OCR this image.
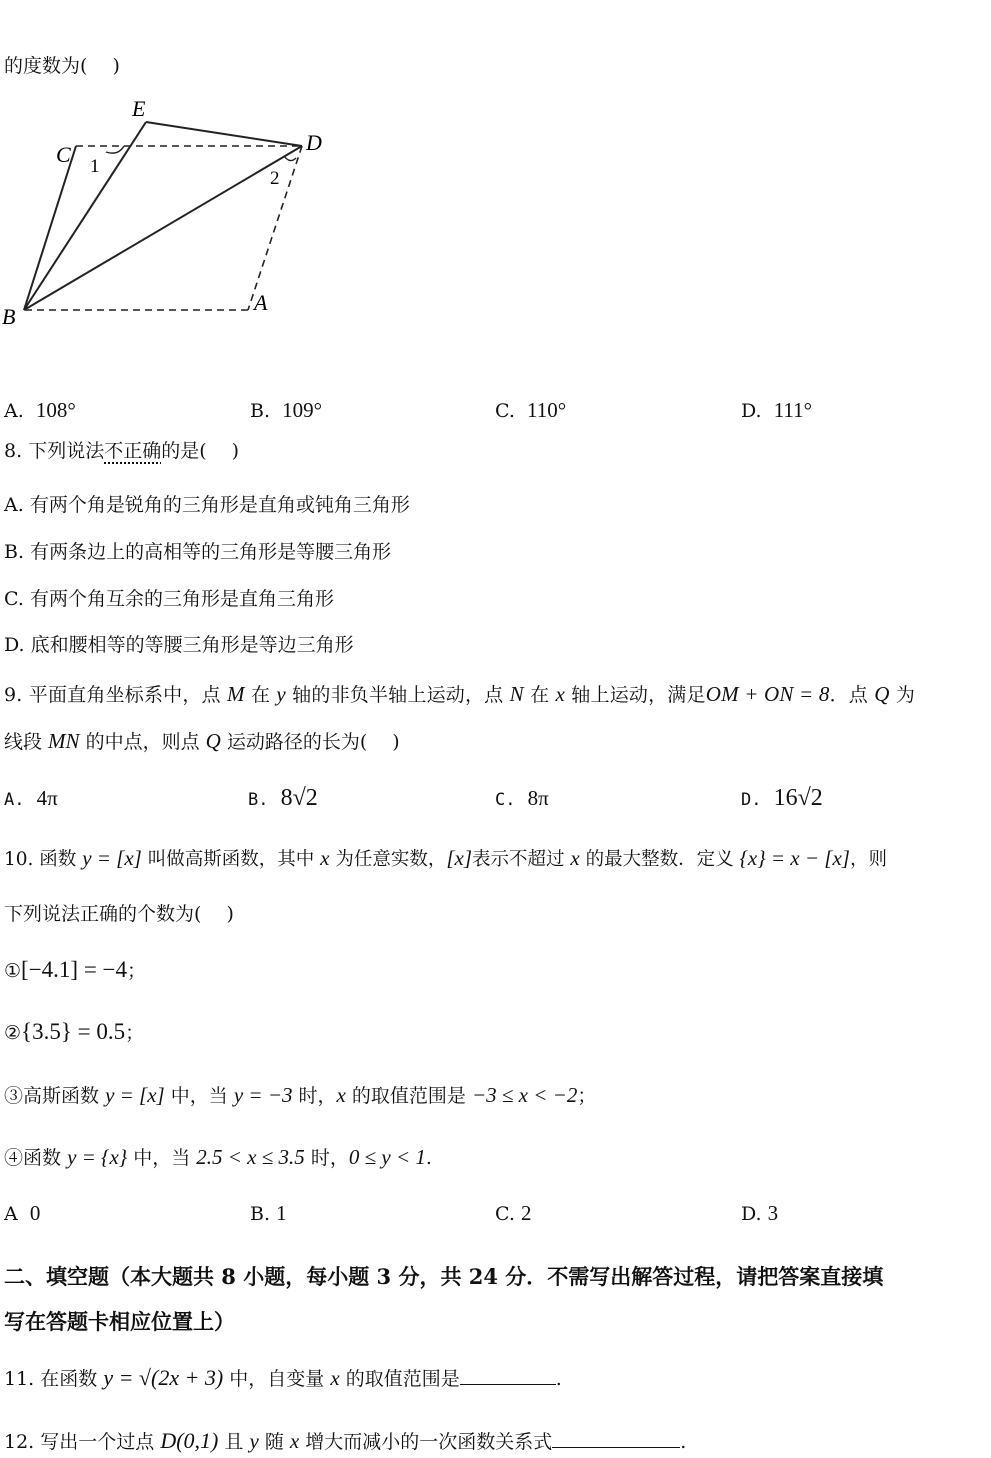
的度数为(　 )
E
C 1
D
2
B
A
A. 108°	B. 109°	C. 110°	D. 111°
8. 下列说法不正确的是(　 )
A. 有两个角是锐角的三角形是直角或钝角三角形
B. 有两条边上的高相等的三角形是等腰三角形
C. 有两个角互余的三角形是直角三角形
D. 底和腰相等的等腰三角形是等边三角形
9. 平面直角坐标系中，点 M 在 y 轴的非负半轴上运动，点 N 在 x 轴上运动，满足OM + ON = 8．点 Q 为
线段 MN 的中点，则点 Q 运动路径的长为(　 )
A. 4π	B. 8√2	C. 8π	D. 16√2
10. 函数 y = [x] 叫做高斯函数，其中 x 为任意实数，[x]表示不超过 x 的最大整数．定义 {x} = x − [x]，则
下列说法正确的个数为(　 )
①[−4.1] = −4；
②{3.5} = 0.5；
③高斯函数 y = [x] 中，当 y = −3 时，x 的取值范围是 −3 ≤ x < −2；
④函数 y = {x} 中，当 2.5 < x ≤ 3.5 时，0 ≤ y < 1.
A 0	B. 1	C. 2	D. 3
二、填空题（本大题共 8 小题，每小题 3 分，共 24 分．不需写出解答过程，请把答案直接填
写在答题卡相应位置上）
11. 在函数 y = √(2x + 3) 中，自变量 x 的取值范围是	.
12. 写出一个过点 D(0,1) 且 y 随 x 增大而减小的一次函数关系式	.
